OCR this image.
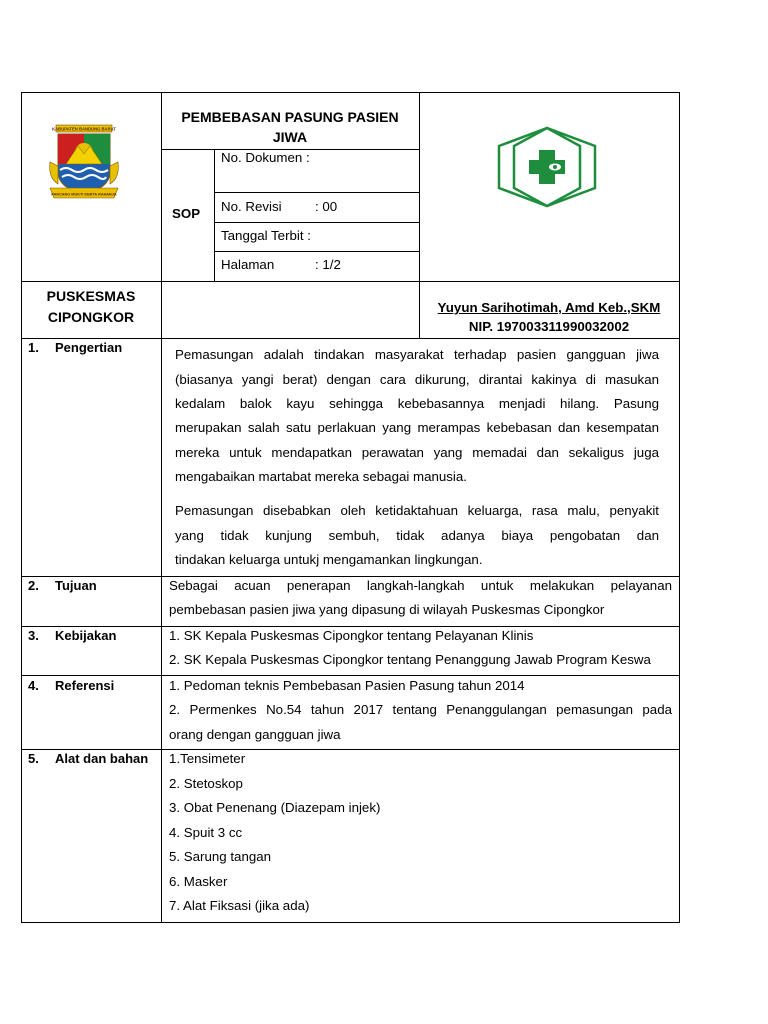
KABUPATEN BANDUNG BARAT
PANCANG MUKTI KERTA RAHARJA
PEMBEBASAN PASUNG PASIEN
JIWA
SOP
No. Dokumen :
No. Revisi	: 00
Tanggal Terbit :
Halaman	: 1/2
PUSKESMAS
CIPONGKOR
Yuyun Sarihotimah, Amd Keb.,SKM
NIP. 197003311990032002
1. Pengertian	Pemasungan adalah tindakan masyarakat terhadap pasien gangguan jiwa
(biasanya yangi berat) dengan cara dikurung, dirantai kakinya di masukan
kedalam balok kayu sehingga kebebasannya menjadi hilang. Pasung
merupakan salah satu perlakuan yang merampas kebebasan dan kesempatan
mereka untuk mendapatkan perawatan yang memadai dan sekaligus juga
mengabaikan martabat mereka sebagai manusia.
Pemasungan disebabkan oleh ketidaktahuan keluarga, rasa malu, penyakit
yang tidak kunjung sembuh, tidak adanya biaya pengobatan dan
tindakan keluarga untukj mengamankan lingkungan.
2. Tujuan	Sebagai acuan penerapan langkah-langkah untuk melakukan pelayanan
pembebasan pasien jiwa yang dipasung di wilayah Puskesmas Cipongkor
3. Kebijakan	1. SK Kepala Puskesmas Cipongkor tentang Pelayanan Klinis
2. SK Kepala Puskesmas Cipongkor tentang Penanggung Jawab Program Keswa
4. Referensi	1. Pedoman teknis Pembebasan Pasien Pasung tahun 2014
2. Permenkes No.54 tahun 2017 tentang Penanggulangan pemasungan pada
orang dengan gangguan jiwa
5. Alat dan bahan 1.Tensimeter
2. Stetoskop
3. Obat Penenang (Diazepam injek)
4. Spuit 3 cc
5. Sarung tangan
6. Masker
7. Alat Fiksasi (jika ada)
